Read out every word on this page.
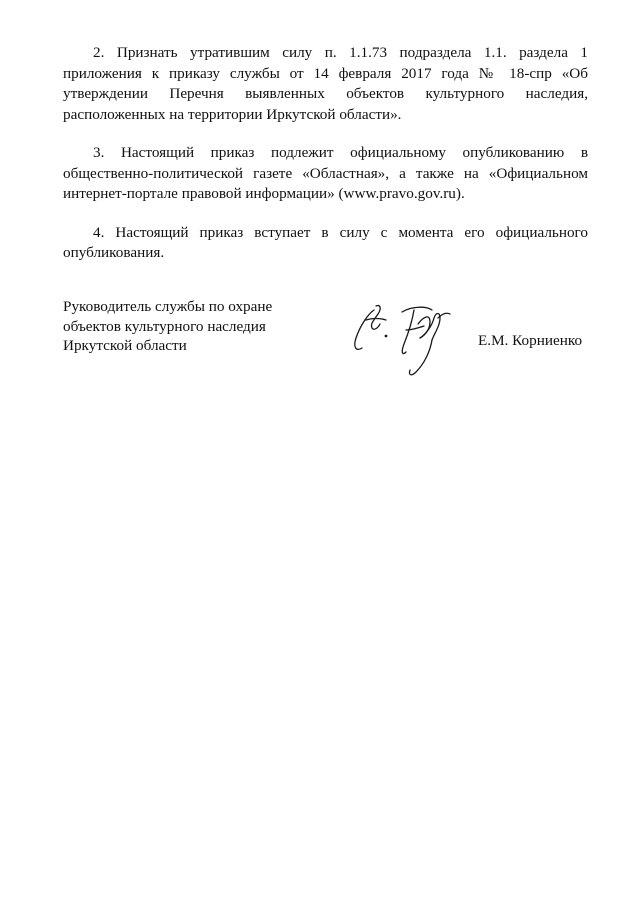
2. Признать утратившим силу п. 1.1.73 подраздела 1.1. раздела 1
приложения к приказу службы от 14 февраля 2017 года № 18-спр «Об
утверждении Перечня выявленных объектов культурного наследия,
расположенных на территории Иркутской области».
3. Настоящий приказ подлежит официальному опубликованию в
общественно-политической газете «Областная», а также на «Официальном
интернет-портале правовой информации» (www.pravo.gov.ru).
4. Настоящий приказ вступает в силу с момента его официального
опубликования.
Руководитель службы по охране
объектов культурного наследия
Иркутской области	Е.М. Корниенко
